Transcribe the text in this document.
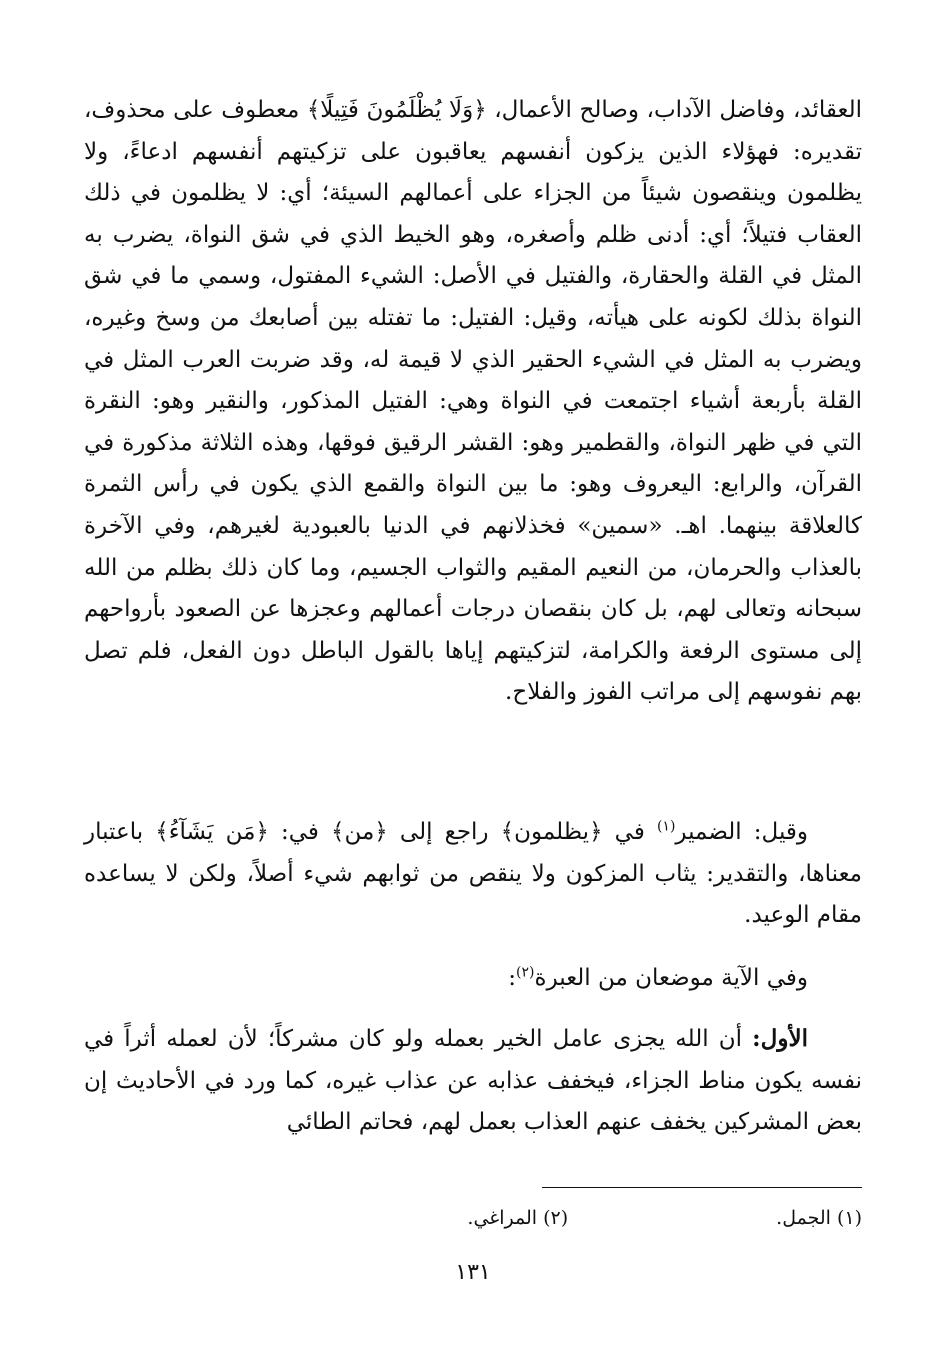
العقائد، وفاضل الآداب، وصالح الأعمال، ﴿وَلَا يُظْلَمُونَ فَتِيلًا﴾ معطوف على محذوف، تقديره: فهؤلاء الذين يزكون أنفسهم يعاقبون على تزكيتهم أنفسهم ادعاءً، ولا يظلمون وينقصون شيئاً من الجزاء على أعمالهم السيئة؛ أي: لا يظلمون في ذلك العقاب فتيلاً؛ أي: أدنى ظلم وأصغره، وهو الخيط الذي في شق النواة، يضرب به المثل في القلة والحقارة، والفتيل في الأصل: الشيء المفتول، وسمي ما في شق النواة بذلك لكونه على هيأته، وقيل: الفتيل: ما تفتله بين أصابعك من وسخ وغيره، ويضرب به المثل في الشيء الحقير الذي لا قيمة له، وقد ضربت العرب المثل في القلة بأربعة أشياء اجتمعت في النواة وهي: الفتيل المذكور، والنقير وهو: النقرة التي في ظهر النواة، والقطمير وهو: القشر الرقيق فوقها، وهذه الثلاثة مذكورة في القرآن، والرابع: اليعروف وهو: ما بين النواة والقمع الذي يكون في رأس الثمرة كالعلاقة بينهما. اهـ. «سمين» فخذلانهم في الدنيا بالعبودية لغيرهم، وفي الآخرة بالعذاب والحرمان، من النعيم المقيم والثواب الجسيم، وما كان ذلك بظلم من الله سبحانه وتعالى لهم، بل كان بنقصان درجات أعمالهم وعجزها عن الصعود بأرواحهم إلى مستوى الرفعة والكرامة، لتزكيتهم إياها بالقول الباطل دون الفعل، فلم تصل بهم نفوسهم إلى مراتب الفوز والفلاح.

وقيل: الضمير$^{(١)}$ في ﴿يظلمون﴾ راجع إلى ﴿من﴾ في: ﴿مَن يَشَآءُ﴾ باعتبار معناها، والتقدير: يثاب المزكون ولا ينقص من ثوابهم شيء أصلاً، ولكن لا يساعده مقام الوعيد.

وفي الآية موضعان من العبرة$^{(٢)}$:

الأول: أن الله يجزى عامل الخير بعمله ولو كان مشركاً؛ لأن لعمله أثراً في نفسه يكون مناط الجزاء، فيخفف عذابه عن عذاب غيره، كما ورد في الأحاديث إن بعض المشركين يخفف عنهم العذاب بعمل لهم، فحاتم الطائي

(١) الجمل.
(٢) المراغي.
١٣١
